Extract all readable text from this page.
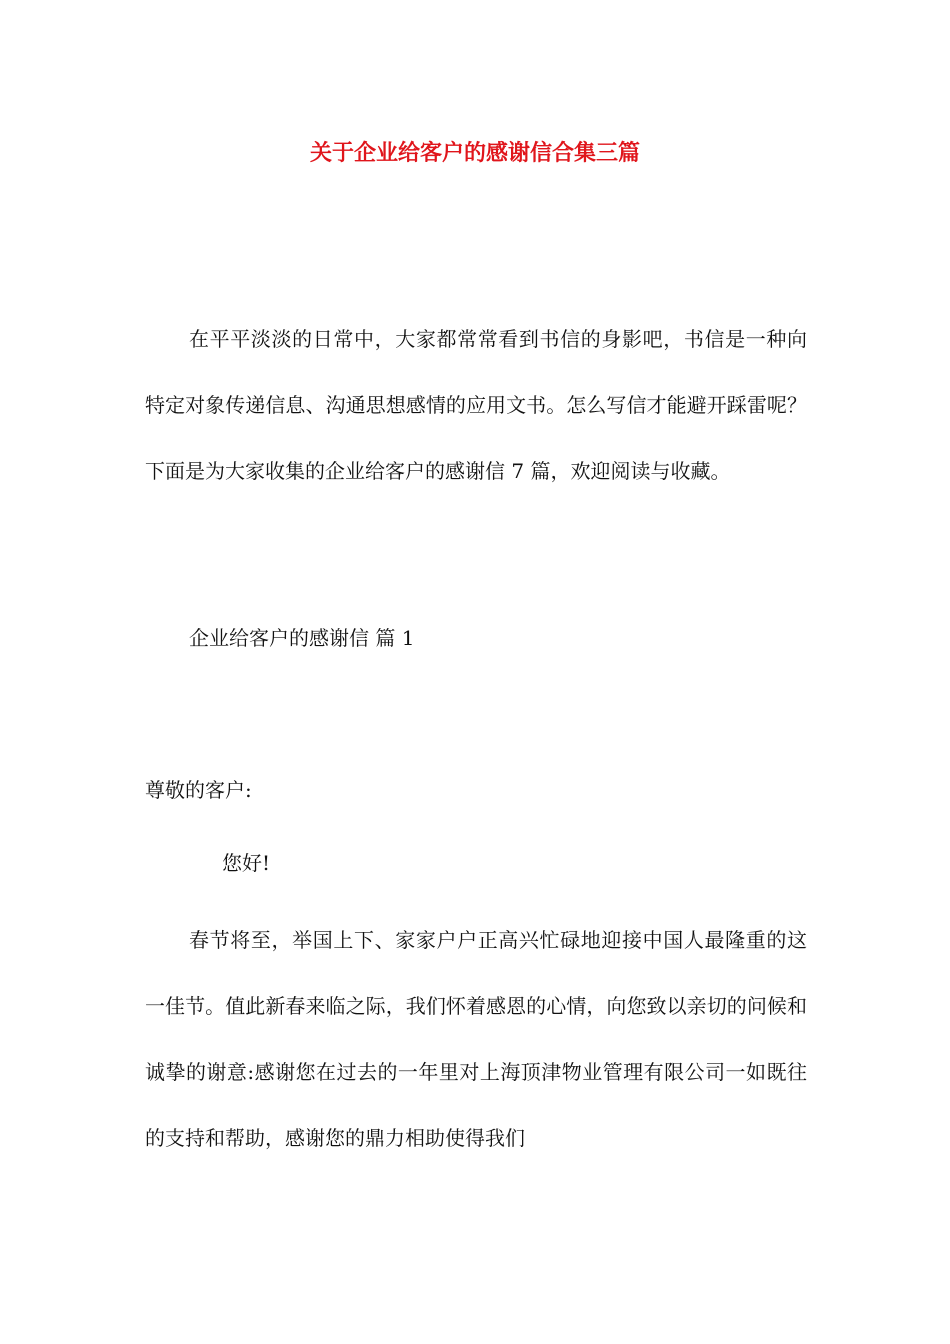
关于企业给客户的感谢信合集三篇

在平平淡淡的日常中，大家都常常看到书信的身影吧，书信是一种向特定对象传递信息、沟通思想感情的应用文书。怎么写信才能避开踩雷呢？下面是为大家收集的企业给客户的感谢信 7 篇，欢迎阅读与收藏。

企业给客户的感谢信 篇 1

尊敬的客户:

您好!

春节将至，举国上下、家家户户正高兴忙碌地迎接中国人最隆重的这一佳节。值此新春来临之际，我们怀着感恩的心情，向您致以亲切的问候和诚挚的谢意:感谢您在过去的一年里对上海顶津物业管理有限公司一如既往的支持和帮助，感谢您的鼎力相助使得我们
